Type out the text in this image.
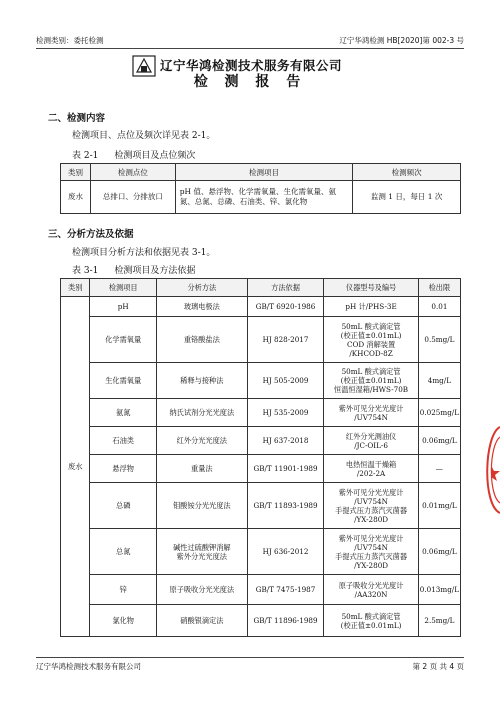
检测类别：委托检测	辽宁华鸿检测 HB[2020]第 002-3 号
辽宁华鸿检测技术服务有限公司
检 测 报 告
二、检测内容
检测项目、点位及频次详见表 2-1。
表 2-1 检测项目及点位频次
类别	检测点位	检测项目	检测频次
废水	总排口、分排放口	pH 值、悬浮物、化学需氧量、生化需氧量、氨氮、总氮、总磷、石油类、锌、氯化物	监测 1 日，每日 1 次
三、分析方法及依据
检测项目分析方法和依据见表 3-1。
表 3-1 检测项目及方法依据
类别	检测项目	分析方法	方法依据	仪器型号及编号	检出限
废水	pH	玻璃电极法	GB/T 6920-1986	pH 计/PHS-3E	0.01
	化学需氧量	重铬酸盐法	HJ 828-2017	50mL 酸式滴定管
(校正值±0.01mL)
COD 消解装置
/KHCOD-8Z	0.5mg/L
	生化需氧量	稀释与接种法	HJ 505-2009	50mL 酸式滴定管
(校正值±0.01mL)
恒温恒湿箱/HWS-70B	4mg/L
	氨氮	纳氏试剂分光光度法	HJ 535-2009	紫外可见分光光度计
/UV754N	0.025mg/L
	石油类	红外分光光度法	HJ 637-2018	红外分光测油仪
/JC-OIL-6	0.06mg/L
	悬浮物	重量法	GB/T 11901-1989	电热恒温干燥箱
/202-2A	—
	总磷	钼酸铵分光光度法	GB/T 11893-1989	紫外可见分光光度计
/UV754N
手提式压力蒸汽灭菌器
/YX-280D	0.01mg/L
	总氮	碱性过硫酸钾消解
紫外分光光度法	HJ 636-2012	紫外可见分光光度计
/UV754N
手提式压力蒸汽灭菌器
/YX-280D	0.06mg/L
	锌	原子吸收分光光度法	GB/T 7475-1987	原子吸收分光光度计
/AA320N	0.013mg/L
	氯化物	硝酸银滴定法	GB/T 11896-1989	50mL 酸式滴定管
(校正值±0.01mL)	2.5mg/L
辽宁华鸿检测技术服务有限公司	第 2 页 共 4 页
